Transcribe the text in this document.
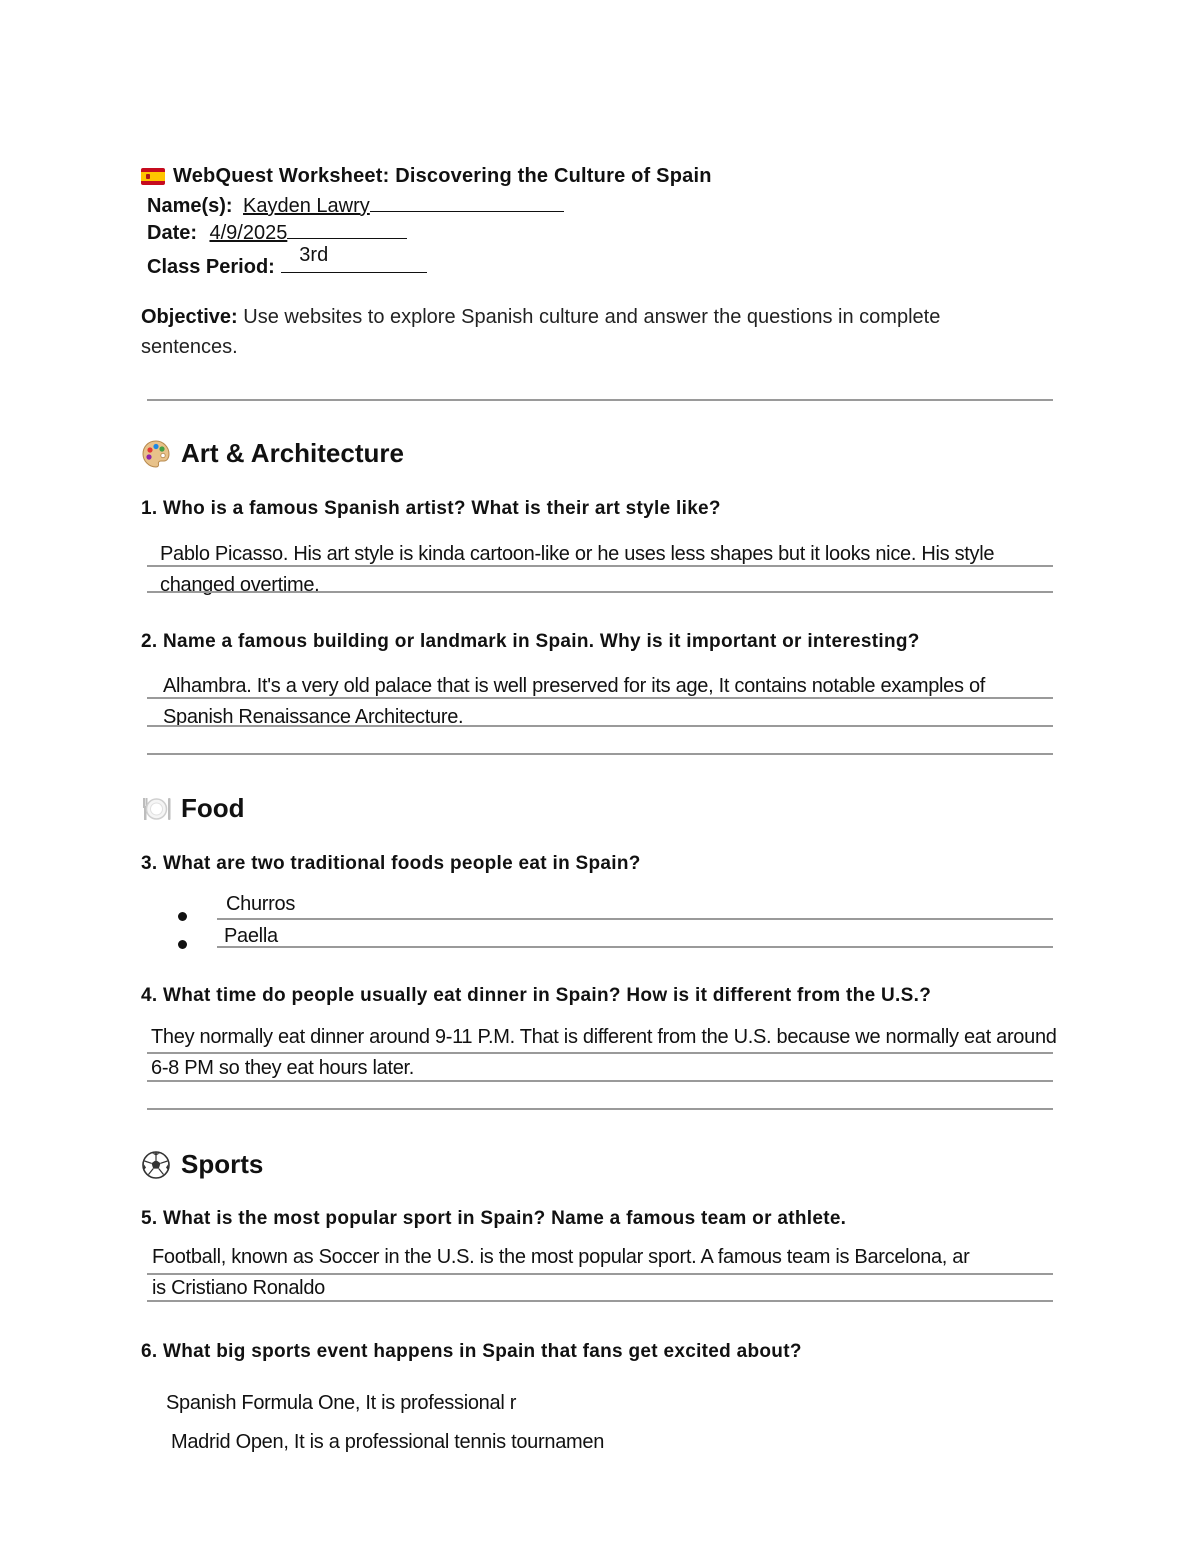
WebQuest Worksheet: Discovering the Culture of Spain
Name(s): Kayden Lawry
Date: 4/9/2025
Class Period:
3rd
Objective: Use websites to explore Spanish culture and answer the questions in complete sentences.
Art & Architecture
1. Who is a famous Spanish artist? What is their art style like?
Pablo Picasso. His art style is kinda cartoon-like or he uses less shapes but it looks nice. His style
changed overtime.
2. Name a famous building or landmark in Spain. Why is it important or interesting?
Alhambra. It's a very old palace that is well preserved for its age, It contains notable examples of
Spanish Renaissance Architecture.
Food
3. What are two traditional foods people eat in Spain?
Churros
Paella
4. What time do people usually eat dinner in Spain? How is it different from the U.S.?
They normally eat dinner around 9-11 P.M. That is different from the U.S. because we normally eat around
6-8 PM so they eat hours later.
Sports
5. What is the most popular sport in Spain? Name a famous team or athlete.
Football, known as Soccer in the U.S. is the most popular sport. A famous team is Barcelona, ar
is Cristiano Ronaldo
6. What big sports event happens in Spain that fans get excited about?
Spanish Formula One, It is professional r
Madrid Open, It is a professional tennis tournamen
